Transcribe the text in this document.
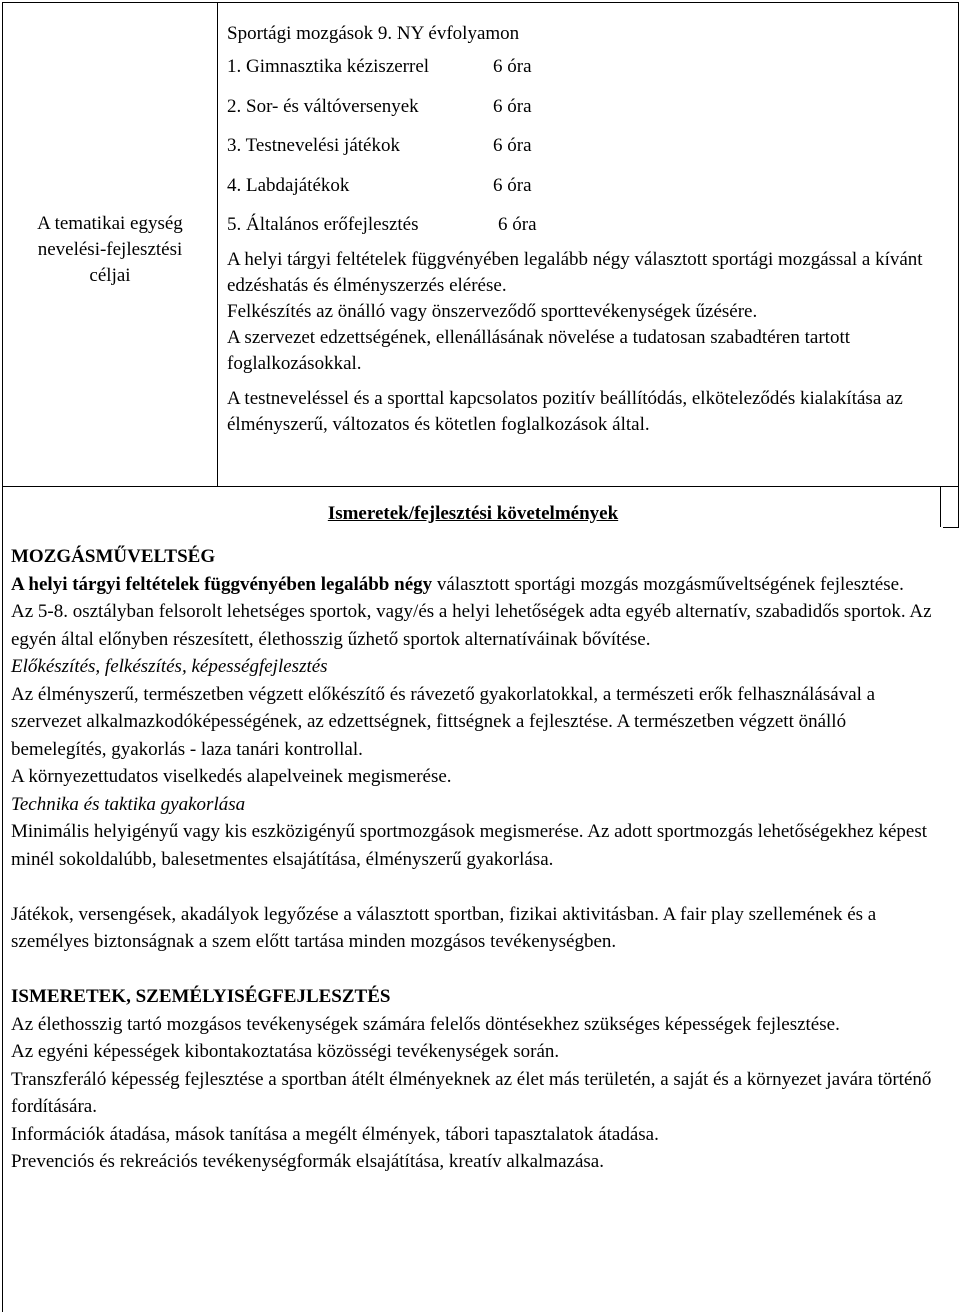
A tematikai egység
nevelési-fejlesztési
céljai
Sportági mozgások 9. NY évfolyamon
1. Gimnasztika kéziszerrel	6 óra
2. Sor- és váltóversenyek	6 óra
3. Testnevelési játékok	6 óra
4. Labdajátékok	6 óra
5. Általános erőfejlesztés	6 óra

A helyi tárgyi feltételek függvényében legalább négy választott sportági mozgással a kívánt edzéshatás és élményszerzés elérése.

Felkészítés az önálló vagy önszerveződő sporttevékenységek űzésére.

A szervezet edzettségének, ellenállásának növelése a tudatosan szabadtéren tartott foglalkozásokkal.

A testneveléssel és a sporttal kapcsolatos pozitív beállítódás, elköteleződés kialakítása az élményszerű, változatos és kötetlen foglalkozások által.

Ismeretek/fejlesztési követelmények

MOZGÁSMŰVELTSÉG

A helyi tárgyi feltételek függvényében legalább négy választott sportági mozgás mozgásműveltségének fejlesztése.

Az 5-8. osztályban felsorolt lehetséges sportok, vagy/és a helyi lehetőségek adta egyéb alternatív, szabadidős sportok. Az egyén által előnyben részesített, élethosszig űzhető sportok alternatíváinak bővítése.

Előkészítés, felkészítés, képességfejlesztés

Az élményszerű, természetben végzett előkészítő és rávezető gyakorlatokkal, a természeti erők felhasználásával a szervezet alkalmazkodóképességének, az edzettségnek, fittségnek a fejlesztése. A természetben végzett önálló bemelegítés, gyakorlás - laza tanári kontrollal.

A környezettudatos viselkedés alapelveinek megismerése.

Technika és taktika gyakorlása

Minimális helyigényű vagy kis eszközigényű sportmozgások megismerése. Az adott sportmozgás lehetőségekhez képest minél sokoldalúbb, balesetmentes elsajátítása, élményszerű gyakorlása.

Játékok, versengések, akadályok legyőzése a választott sportban, fizikai aktivitásban. A fair play szellemének és a személyes biztonságnak a szem előtt tartása minden mozgásos tevékenységben.

ISMERETEK, SZEMÉLYISÉGFEJLESZTÉS

Az élethosszig tartó mozgásos tevékenységek számára felelős döntésekhez szükséges képességek fejlesztése.

Az egyéni képességek kibontakoztatása közösségi tevékenységek során.

Transzferáló képesség fejlesztése a sportban átélt élményeknek az élet más területén, a saját és a környezet javára történő fordítására.

Információk átadása, mások tanítása a megélt élmények, tábori tapasztalatok átadása.

Prevenciós és rekreációs tevékenységformák elsajátítása, kreatív alkalmazása.
